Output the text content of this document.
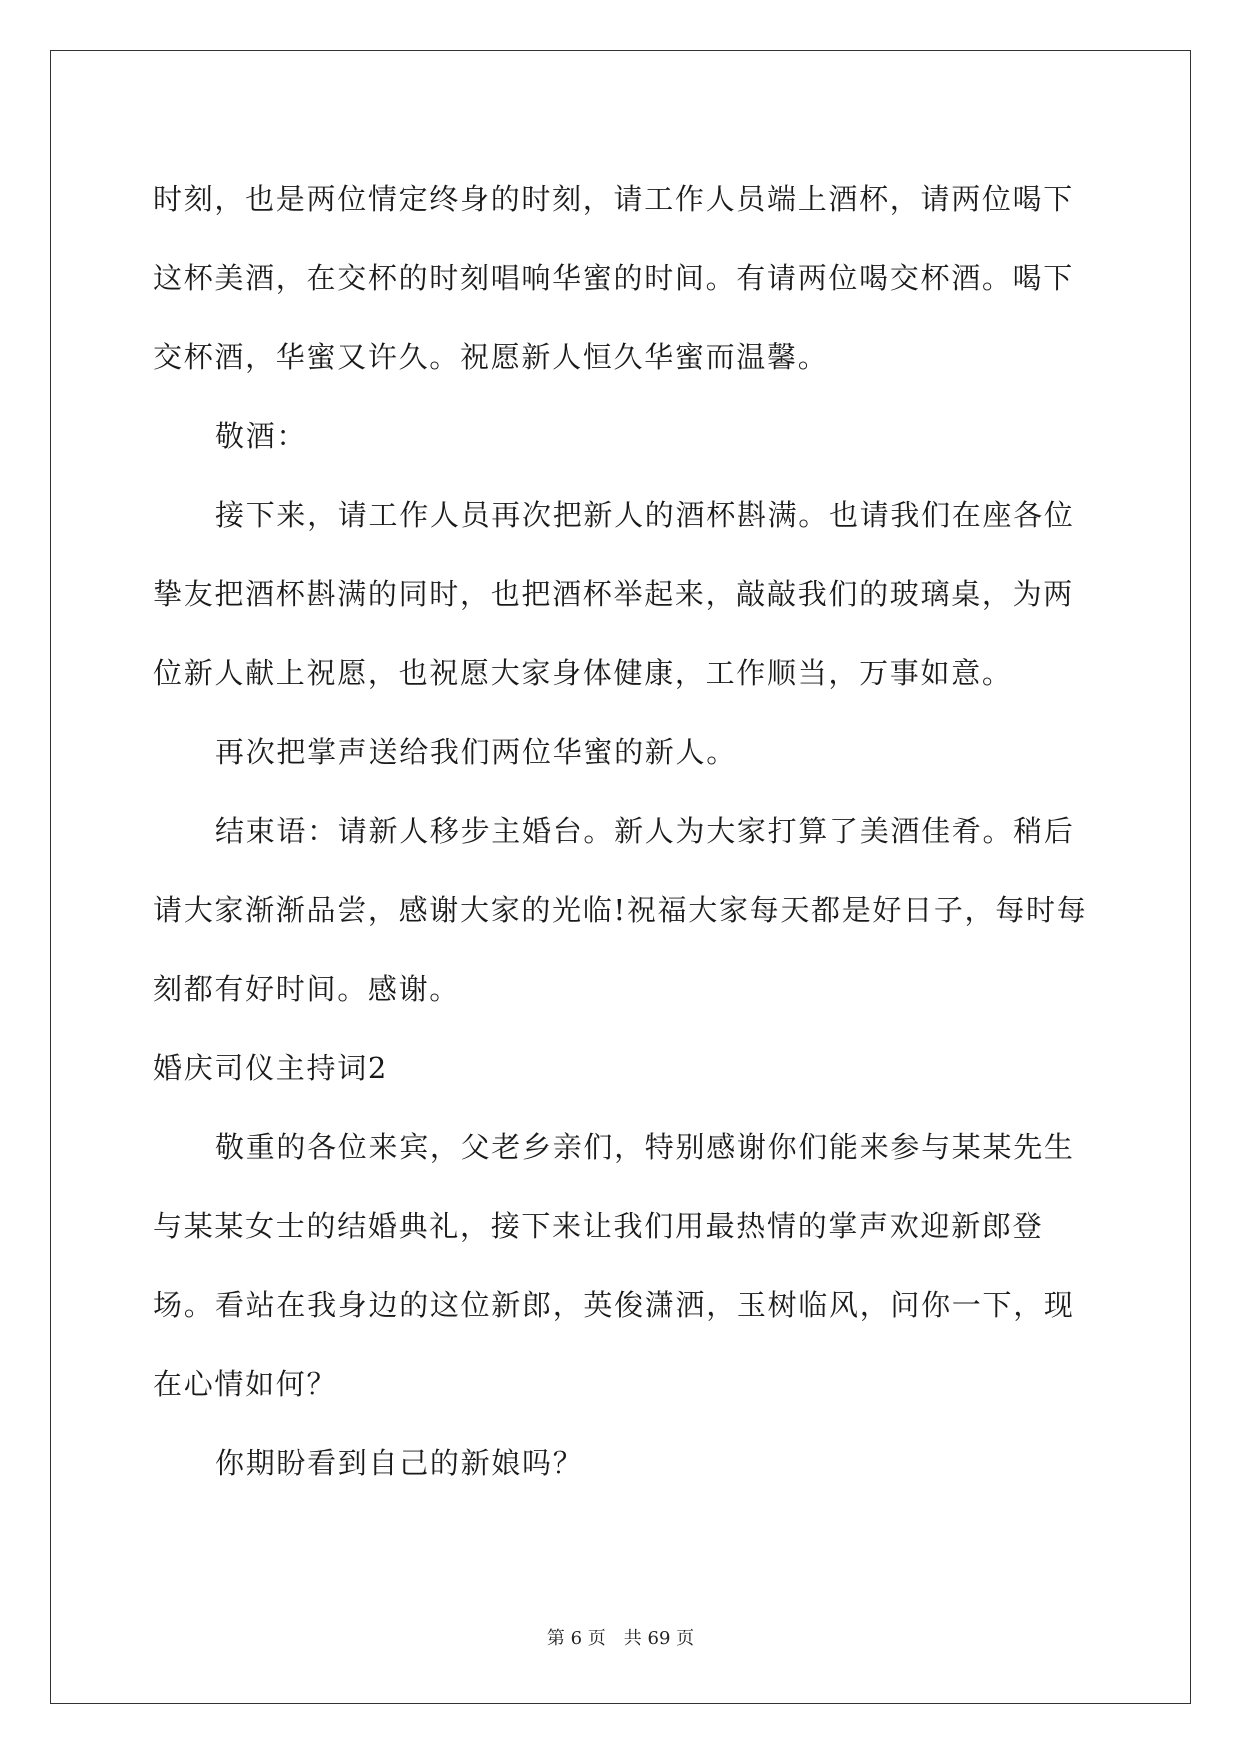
时刻，也是两位情定终身的时刻，请工作人员端上酒杯，请两位喝下

这杯美酒，在交杯的时刻唱响华蜜的时间。有请两位喝交杯酒。喝下

交杯酒，华蜜又许久。祝愿新人恒久华蜜而温馨。

敬酒：

接下来，请工作人员再次把新人的酒杯斟满。也请我们在座各位

挚友把酒杯斟满的同时，也把酒杯举起来，敲敲我们的玻璃桌，为两

位新人献上祝愿，也祝愿大家身体健康，工作顺当，万事如意。

再次把掌声送给我们两位华蜜的新人。

结束语：请新人移步主婚台。新人为大家打算了美酒佳肴。稍后

请大家渐渐品尝，感谢大家的光临!祝福大家每天都是好日子，每时每

刻都有好时间。感谢。

婚庆司仪主持词2

敬重的各位来宾，父老乡亲们，特别感谢你们能来参与某某先生

与某某女士的结婚典礼，接下来让我们用最热情的掌声欢迎新郎登场。 看站在我身边的这位新郎，英俊潇洒，玉树临风，问你一下，现

在心情如何？

你期盼看到自己的新娘吗？

第 6 页　共 69 页
